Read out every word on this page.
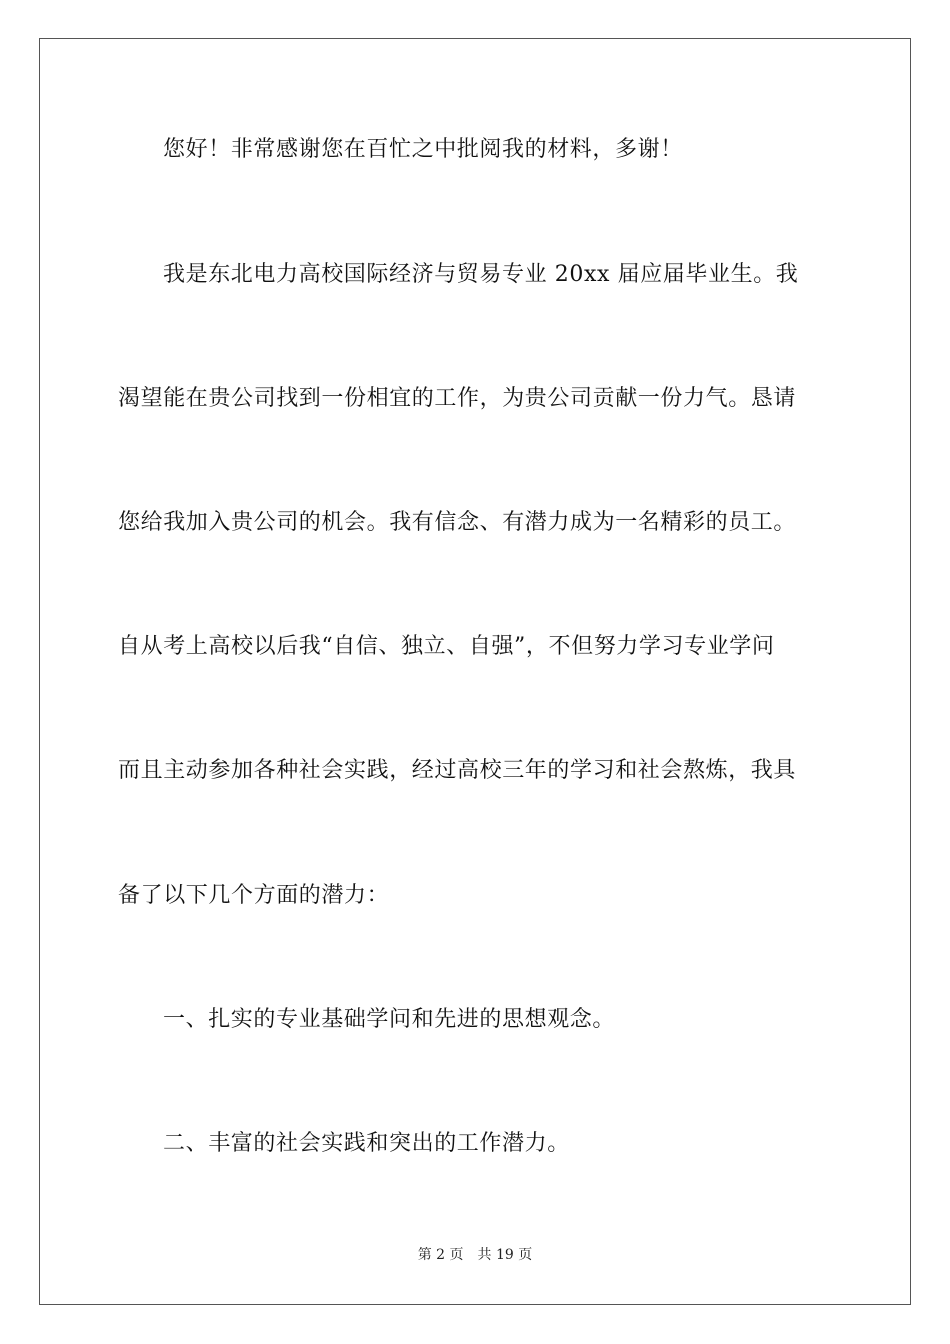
您好！非常感谢您在百忙之中批阅我的材料，多谢！
我是东北电力高校国际经济与贸易专业 20xx 届应届毕业生。我
渴望能在贵公司找到一份相宜的工作，为贵公司贡献一份力气。恳请
您给我加入贵公司的机会。我有信念、有潜力成为一名精彩的员工。
自从考上高校以后我“自信、独立、自强”，不但努力学习专业学问
而且主动参加各种社会实践，经过高校三年的学习和社会熬炼，我具
备了以下几个方面的潜力：
一、扎实的专业基础学问和先进的思想观念。
二、丰富的社会实践和突出的工作潜力。
第 2 页 共 19 页
